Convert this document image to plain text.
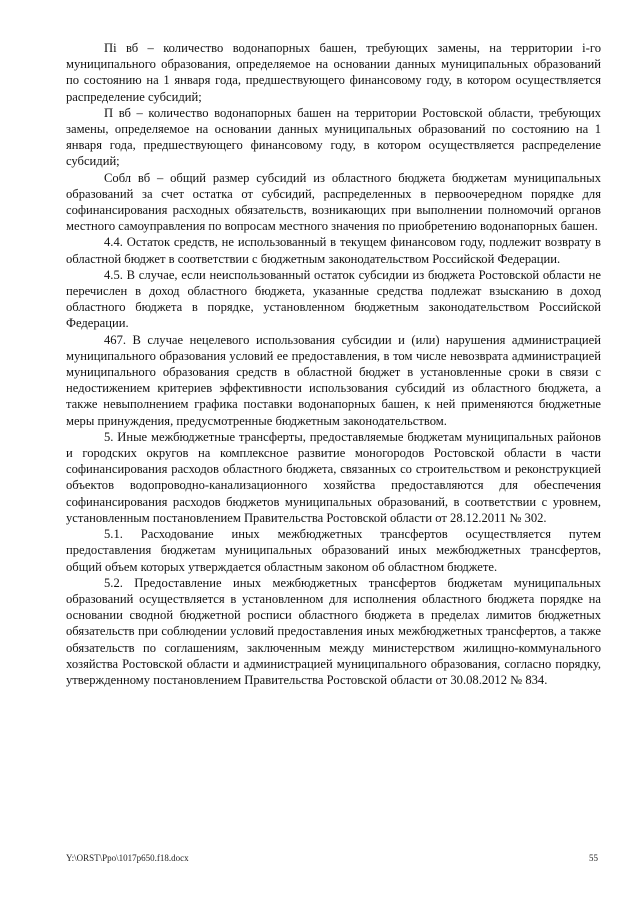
Пi вб – количество водонапорных башен, требующих замены, на территории i-го муниципального образования, определяемое на основании данных муниципальных образований по состоянию на 1 января года, предшествующего финансовому году, в котором осуществляется распределение субсидий;

П вб – количество водонапорных башен на территории Ростовской области, требующих замены, определяемое на основании данных муниципальных образований по состоянию на 1 января года, предшествующего финансовому году, в котором осуществляется распределение субсидий;

Собл вб – общий размер субсидий из областного бюджета бюджетам муниципальных образований за счет остатка от субсидий, распределенных в первоочередном порядке для софинансирования расходных обязательств, возникающих при выполнении полномочий органов местного самоуправления по вопросам местного значения по приобретению водонапорных башен.

4.4. Остаток средств, не использованный в текущем финансовом году, подлежит возврату в областной бюджет в соответствии с бюджетным законодательством Российской Федерации.

4.5. В случае, если неиспользованный остаток субсидии из бюджета Ростовской области не перечислен в доход областного бюджета, указанные средства подлежат взысканию в доход областного бюджета в порядке, установленном бюджетным законодательством Российской Федерации.

467. В случае нецелевого использования субсидии и (или) нарушения администрацией муниципального образования условий ее предоставления, в том числе невозврата администрацией муниципального образования средств в областной бюджет в установленные сроки в связи с недостижением критериев эффективности использования субсидий из областного бюджета, а также невыполнением графика поставки водонапорных башен, к ней применяются бюджетные меры принуждения, предусмотренные бюджетным законодательством.

5. Иные межбюджетные трансферты, предоставляемые бюджетам муниципальных районов и городских округов на комплексное развитие моногородов Ростовской области в части софинансирования расходов областного бюджета, связанных со строительством и реконструкцией объектов водопроводно-канализационного хозяйства предоставляются для обеспечения софинансирования расходов бюджетов муниципальных образований, в соответствии с уровнем, установленным постановлением Правительства Ростовской области от 28.12.2011 № 302.

5.1. Расходование иных межбюджетных трансфертов осуществляется путем предоставления бюджетам муниципальных образований иных межбюджетных трансфертов, общий объем которых утверждается областным законом об областном бюджете.

5.2. Предоставление иных межбюджетных трансфертов бюджетам муниципальных образований осуществляется в установленном для исполнения областного бюджета порядке на основании сводной бюджетной росписи областного бюджета в пределах лимитов бюджетных обязательств при соблюдении условий предоставления иных межбюджетных трансфертов, а также обязательств по соглашениям, заключенным между министерством жилищно-коммунального хозяйства Ростовской области и администрацией муниципального образования, согласно порядку, утвержденному постановлением Правительства Ростовской области от 30.08.2012 № 834.

Y:\ORST\Ppo\1017p650.f18.docx	55
